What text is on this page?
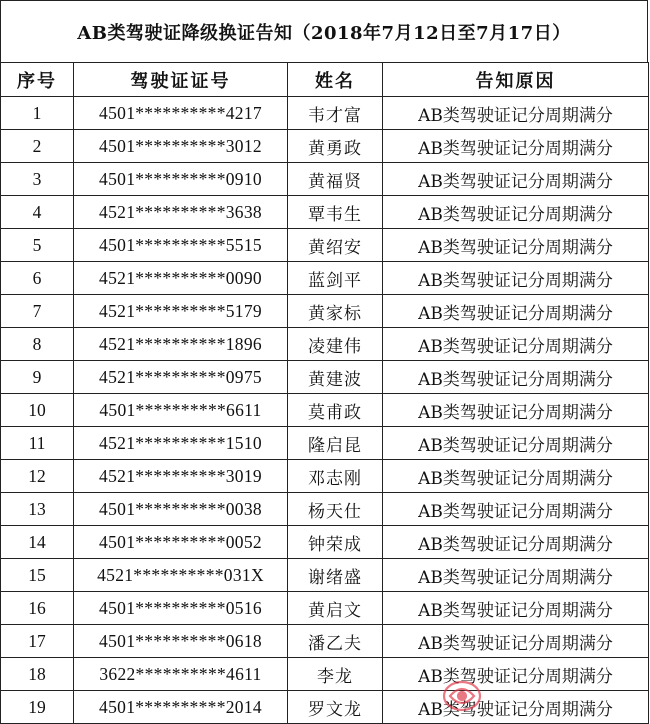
AB类驾驶证降级换证告知（2018年7月12日至7月17日）
序号	驾驶证证号	姓名	告知原因
1	4501**********4217	韦才富	AB类驾驶证记分周期满分
2	4501**********3012	黄勇政	AB类驾驶证记分周期满分
3	4501**********0910	黄福贤	AB类驾驶证记分周期满分
4	4521**********3638	覃韦生	AB类驾驶证记分周期满分
5	4501**********5515	黄绍安	AB类驾驶证记分周期满分
6	4521**********0090	蓝剑平	AB类驾驶证记分周期满分
7	4521**********5179	黄家标	AB类驾驶证记分周期满分
8	4521**********1896	凌建伟	AB类驾驶证记分周期满分
9	4521**********0975	黄建波	AB类驾驶证记分周期满分
10	4501**********6611	莫甫政	AB类驾驶证记分周期满分
11	4521**********1510	隆启昆	AB类驾驶证记分周期满分
12	4521**********3019	邓志刚	AB类驾驶证记分周期满分
13	4501**********0038	杨天仕	AB类驾驶证记分周期满分
14	4501**********0052	钟荣成	AB类驾驶证记分周期满分
15	4521**********031X	谢绪盛	AB类驾驶证记分周期满分
16	4501**********0516	黄启文	AB类驾驶证记分周期满分
17	4501**********0618	潘乙夫	AB类驾驶证记分周期满分
18	3622**********4611	李龙	AB类驾驶证记分周期满分
19	4501**********2014	罗文龙	AB类驾驶证记分周期满分
